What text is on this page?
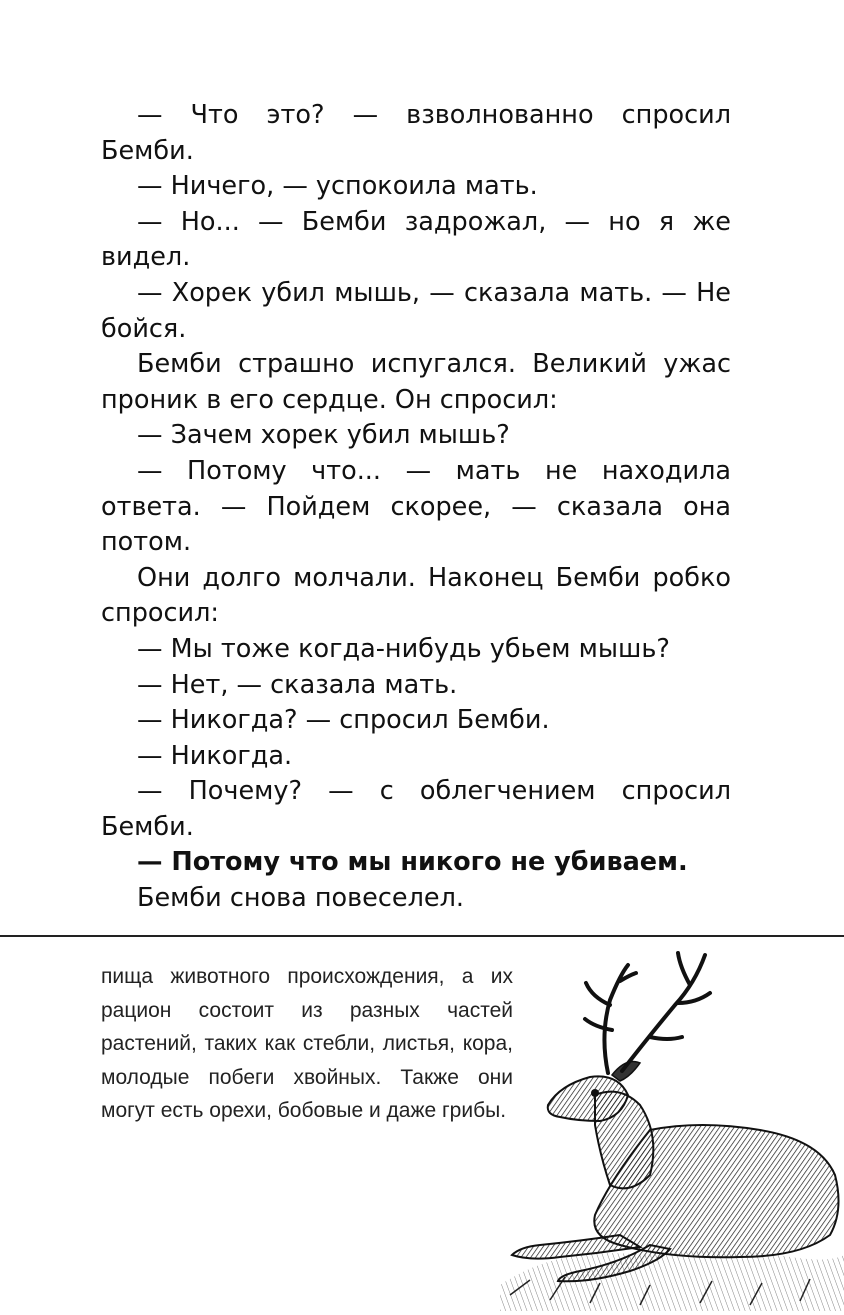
— Что это? — взволнованно спросил Бемби.

— Ничего, — успокоила мать.

— Но... — Бемби задрожал, — но я же видел.

— Хорек убил мышь, — сказала мать. — Не бойся.

Бемби страшно испугался. Великий ужас проник в его сердце. Он спросил:

— Зачем хорек убил мышь?

— Потому что... — мать не находила ответа. — Пойдем скорее, — сказала она потом.

Они долго молчали. Наконец Бемби робко спросил:

— Мы тоже когда-нибудь убьем мышь?

— Нет, — сказала мать.

— Никогда? — спросил Бемби.

— Никогда.

— Почему? — с облегчением спросил Бемби.

— Потому что мы никого не убиваем.

Бемби снова повеселел.

пища животного происхождения, а их рацион состоит из разных частей растений, таких как стебли, листья, кора, молодые побеги хвойных. Также они могут есть орехи, бобовые и даже грибы.
